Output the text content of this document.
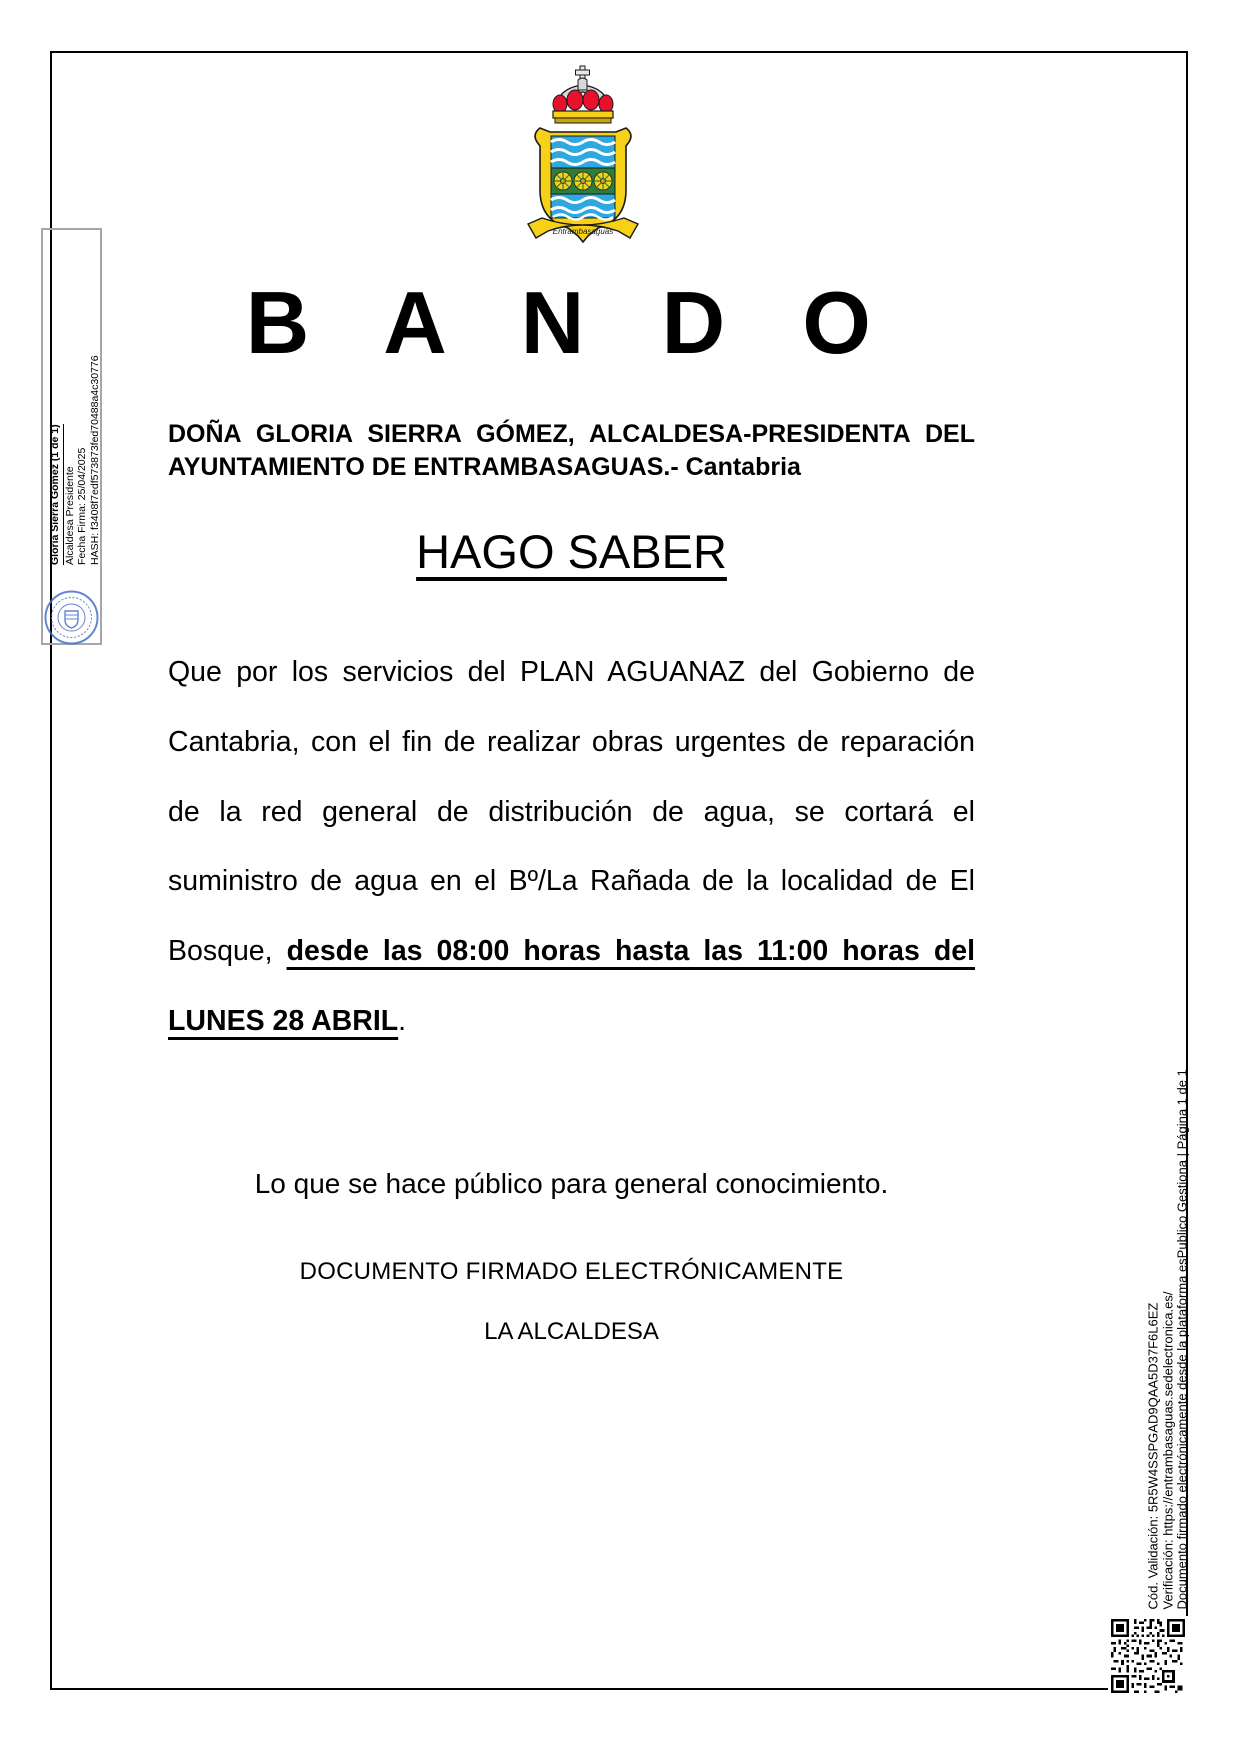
Entrambasaguas
B A N D O
DOÑA GLORIA SIERRA GÓMEZ, ALCALDESA-PRESIDENTA DEL AYUNTAMIENTO DE ENTRAMBASAGUAS.- Cantabria
HAGO SABER
Que por los servicios del PLAN AGUANAZ del Gobierno de Cantabria, con el fin de realizar obras urgentes de reparación de la red general de distribución de agua, se cortará el suministro de agua en el Bº/La Rañada de la localidad de El Bosque, desde las 08:00 horas hasta las 11:00 horas del LUNES 28 ABRIL.
Lo que se hace público para general conocimiento.
DOCUMENTO FIRMADO ELECTRÓNICAMENTE
LA ALCALDESA
Gloria Sierra Gomez (1 de 1) Alcaldesa Presidente
Fecha Firma: 25/04/2025
HASH: f3408f7edf573873fed70488a4c30776
Cód. Validación: 5R5W4SSPGAD9QAA5D37F6L6EZ Verificación: https://entrambasaguas.sedelectronica.es/ Documento firmado electrónicamente desde la plataforma esPublico Gestiona | Página 1 de 1
